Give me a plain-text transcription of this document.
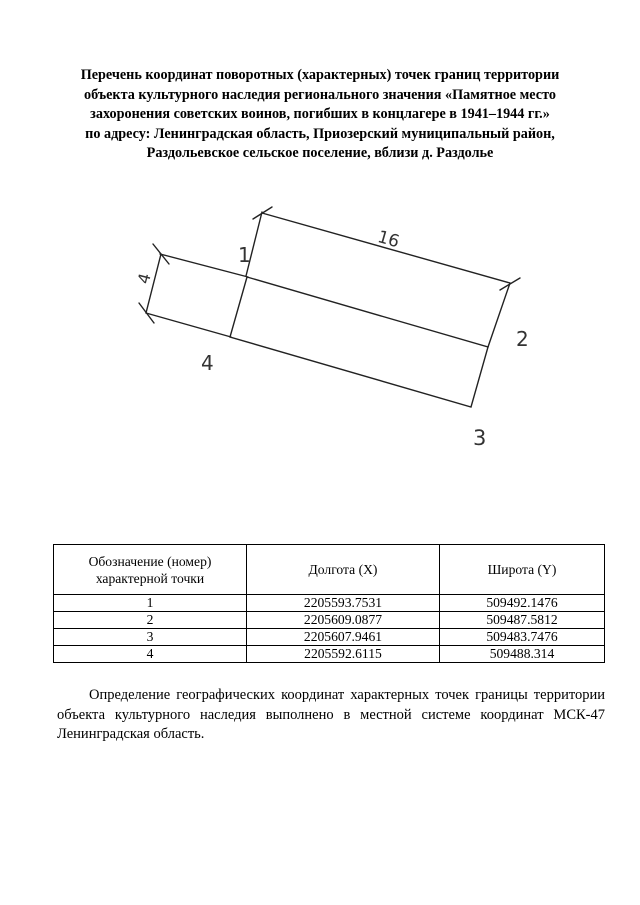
Перечень координат поворотных (характерных) точек границ территории
объекта культурного наследия регионального значения «Памятное место
захоронения советских воинов, погибших в концлагере в 1941–1944 гг.»
по адресу: Ленинградская область, Приозерский муниципальный район,
Раздольевское сельское поселение, вблизи д. Раздолье
16
4
1
2
3
4
Обозначение (номер) характерной точки	Долгота (X)	Широта (Y)
1	2205593.7531	509492.1476
2	2205609.0877	509487.5812
3	2205607.9461	509483.7476
4	2205592.6115	509488.314
Определение географических координат характерных точек границы территории объекта культурного наследия выполнено в местной системе координат МСК-47 Ленинградская область.
